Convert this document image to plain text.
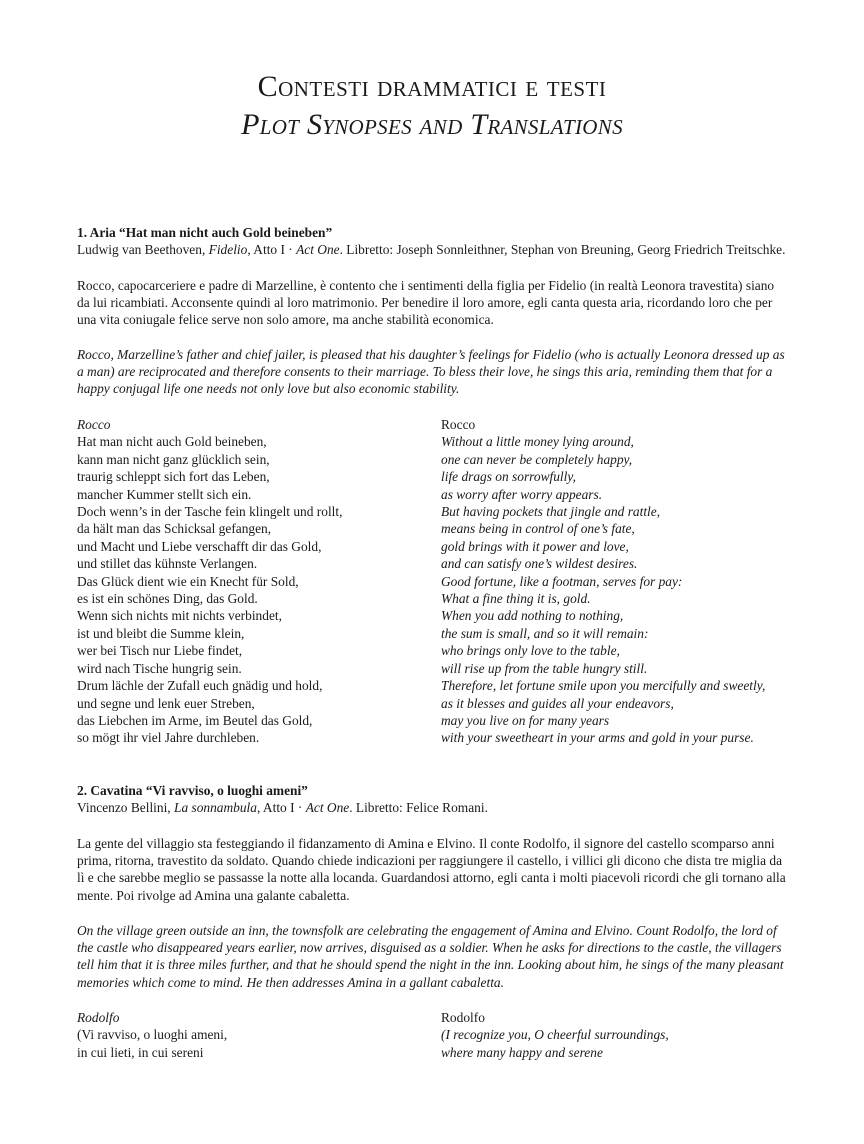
Contesti drammatici e testi
Plot Synopses and Translations
1. Aria “Hat man nicht auch Gold beineben”
Ludwig van Beethoven, Fidelio, Atto I · Act One. Libretto: Joseph Sonnleithner, Stephan von Breuning, Georg Friedrich Treitschke.

Rocco, capocarceriere e padre di Marzelline, è contento che i sentimenti della figlia per Fidelio (in realtà Leonora travestita) siano da lui ricambiati. Acconsente quindi al loro matrimonio. Per benedire il loro amore, egli canta questa aria, ricordando loro che per una vita coniugale felice serve non solo amore, ma anche stabilità economica.

Rocco, Marzelline’s father and chief jailer, is pleased that his daughter’s feelings for Fidelio (who is actually Leonora dressed up as a man) are reciprocated and therefore consents to their marriage. To bless their love, he sings this aria, reminding them that for a happy conjugal life one needs not only love but also economic stability.

Rocco
Hat man nicht auch Gold beineben,
kann man nicht ganz glücklich sein,
traurig schleppt sich fort das Leben,
mancher Kummer stellt sich ein.
Doch wenn’s in der Tasche fein klingelt und rollt,
da hält man das Schicksal gefangen,
und Macht und Liebe verschafft dir das Gold,
und stillet das kühnste Verlangen.
Das Glück dient wie ein Knecht für Sold,
es ist ein schönes Ding, das Gold.
Wenn sich nichts mit nichts verbindet,
ist und bleibt die Summe klein,
wer bei Tisch nur Liebe findet,
wird nach Tische hungrig sein.
Drum lächle der Zufall euch gnädig und hold,
und segne und lenk euer Streben,
das Liebchen im Arme, im Beutel das Gold,
so mögt ihr viel Jahre durchleben.
Rocco
Without a little money lying around,
one can never be completely happy,
life drags on sorrowfully,
as worry after worry appears.
But having pockets that jingle and rattle,
means being in control of one’s fate,
gold brings with it power and love,
and can satisfy one’s wildest desires.
Good fortune, like a footman, serves for pay:
What a fine thing it is, gold.
When you add nothing to nothing,
the sum is small, and so it will remain:
who brings only love to the table,
will rise up from the table hungry still.
Therefore, let fortune smile upon you mercifully and sweetly,
as it blesses and guides all your endeavors,
may you live on for many years
with your sweetheart in your arms and gold in your purse.
2. Cavatina “Vi ravviso, o luoghi ameni”
Vincenzo Bellini, La sonnambula, Atto I · Act One. Libretto: Felice Romani.

La gente del villaggio sta festeggiando il fidanzamento di Amina e Elvino. Il conte Rodolfo, il signore del castello scomparso anni prima, ritorna, travestito da soldato. Quando chiede indicazioni per raggiungere il castello, i villici gli dicono che dista tre miglia da lì e che sarebbe meglio se passasse la notte alla locanda. Guardandosi attorno, egli canta i molti piacevoli ricordi che gli tornano alla mente. Poi rivolge ad Amina una galante cabaletta.

On the village green outside an inn, the townsfolk are celebrating the engagement of Amina and Elvino. Count Rodolfo, the lord of the castle who disappeared years earlier, now arrives, disguised as a soldier. When he asks for directions to the castle, the villagers tell him that it is three miles further, and that he should spend the night in the inn. Looking about him, he sings of the many pleasant memories which come to mind. He then addresses Amina in a gallant cabaletta.

Rodolfo
(Vi ravviso, o luoghi ameni,
in cui lieti, in cui sereni
Rodolfo
(I recognize you, O cheerful surroundings,
where many happy and serene
